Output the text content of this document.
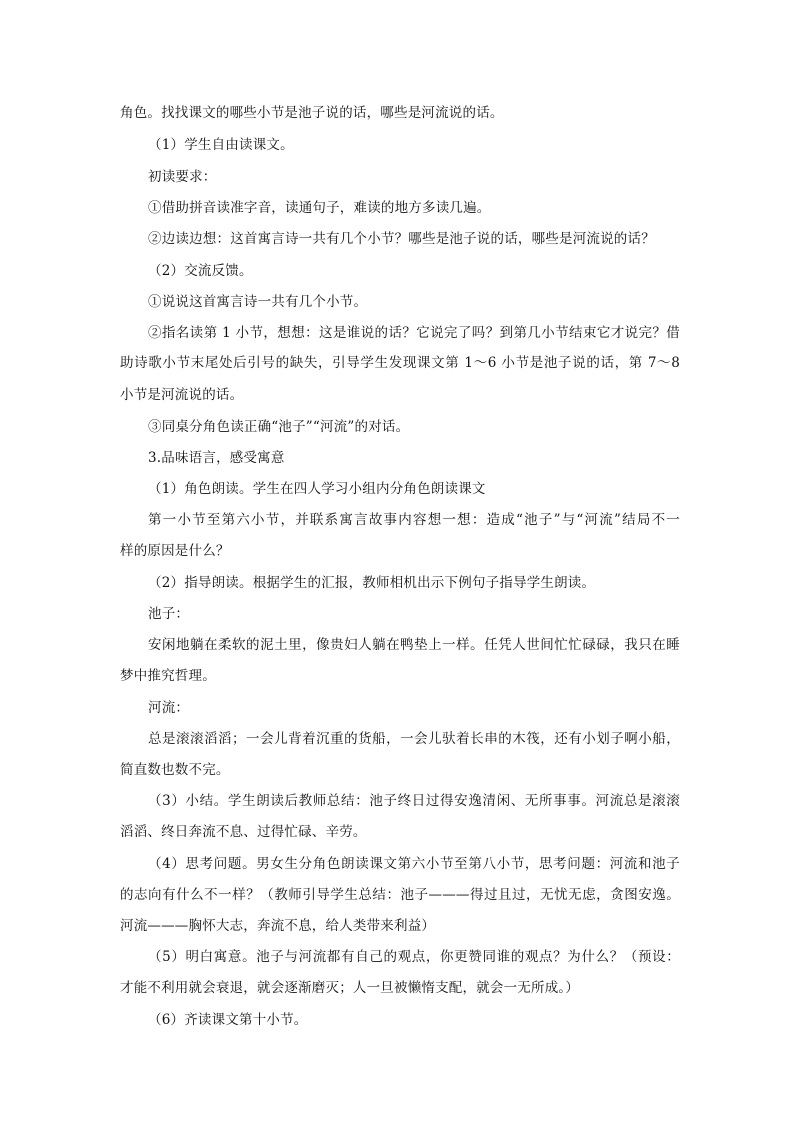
角色。找找课文的哪些小节是池子说的话，哪些是河流说的话。
（1）学生自由读课文。
初读要求：
①借助拼音读准字音，读通句子，难读的地方多读几遍。
②边读边想：这首寓言诗一共有几个小节？哪些是池子说的话，哪些是河流说的话？
（2）交流反馈。
①说说这首寓言诗一共有几个小节。
②指名读第 1 小节，想想：这是谁说的话？它说完了吗？到第几小节结束它才说完？借
助诗歌小节末尾处后引号的缺失，引导学生发现课文第 1～6 小节是池子说的话，第 7～8
小节是河流说的话。
③同桌分角色读正确“池子”“河流”的对话。
3.品味语言，感受寓意
（1）角色朗读。学生在四人学习小组内分角色朗读课文
第一小节至第六小节，并联系寓言故事内容想一想：造成“池子”与“河流”结局不一
样的原因是什么？
（2）指导朗读。根据学生的汇报，教师相机出示下例句子指导学生朗读。
池子：
安闲地躺在柔软的泥土里，像贵妇人躺在鸭垫上一样。任凭人世间忙忙碌碌，我只在睡
梦中推究哲理。
河流：
总是滚滚滔滔；一会儿背着沉重的货船，一会儿驮着长串的木筏，还有小划子啊小船，
简直数也数不完。
（3）小结。学生朗读后教师总结：池子终日过得安逸清闲、无所事事。河流总是滚滚
滔滔、终日奔流不息、过得忙碌、辛劳。
（4）思考问题。男女生分角色朗读课文第六小节至第八小节，思考问题：河流和池子
的志向有什么不一样？（教师引导学生总结：池子———得过且过，无忧无虑，贪图安逸。
河流———胸怀大志，奔流不息，给人类带来利益）
（5）明白寓意。池子与河流都有自己的观点，你更赞同谁的观点？为什么？（预设：
才能不利用就会衰退，就会逐渐磨灭；人一旦被懒惰支配，就会一无所成。）
（6）齐读课文第十小节。
